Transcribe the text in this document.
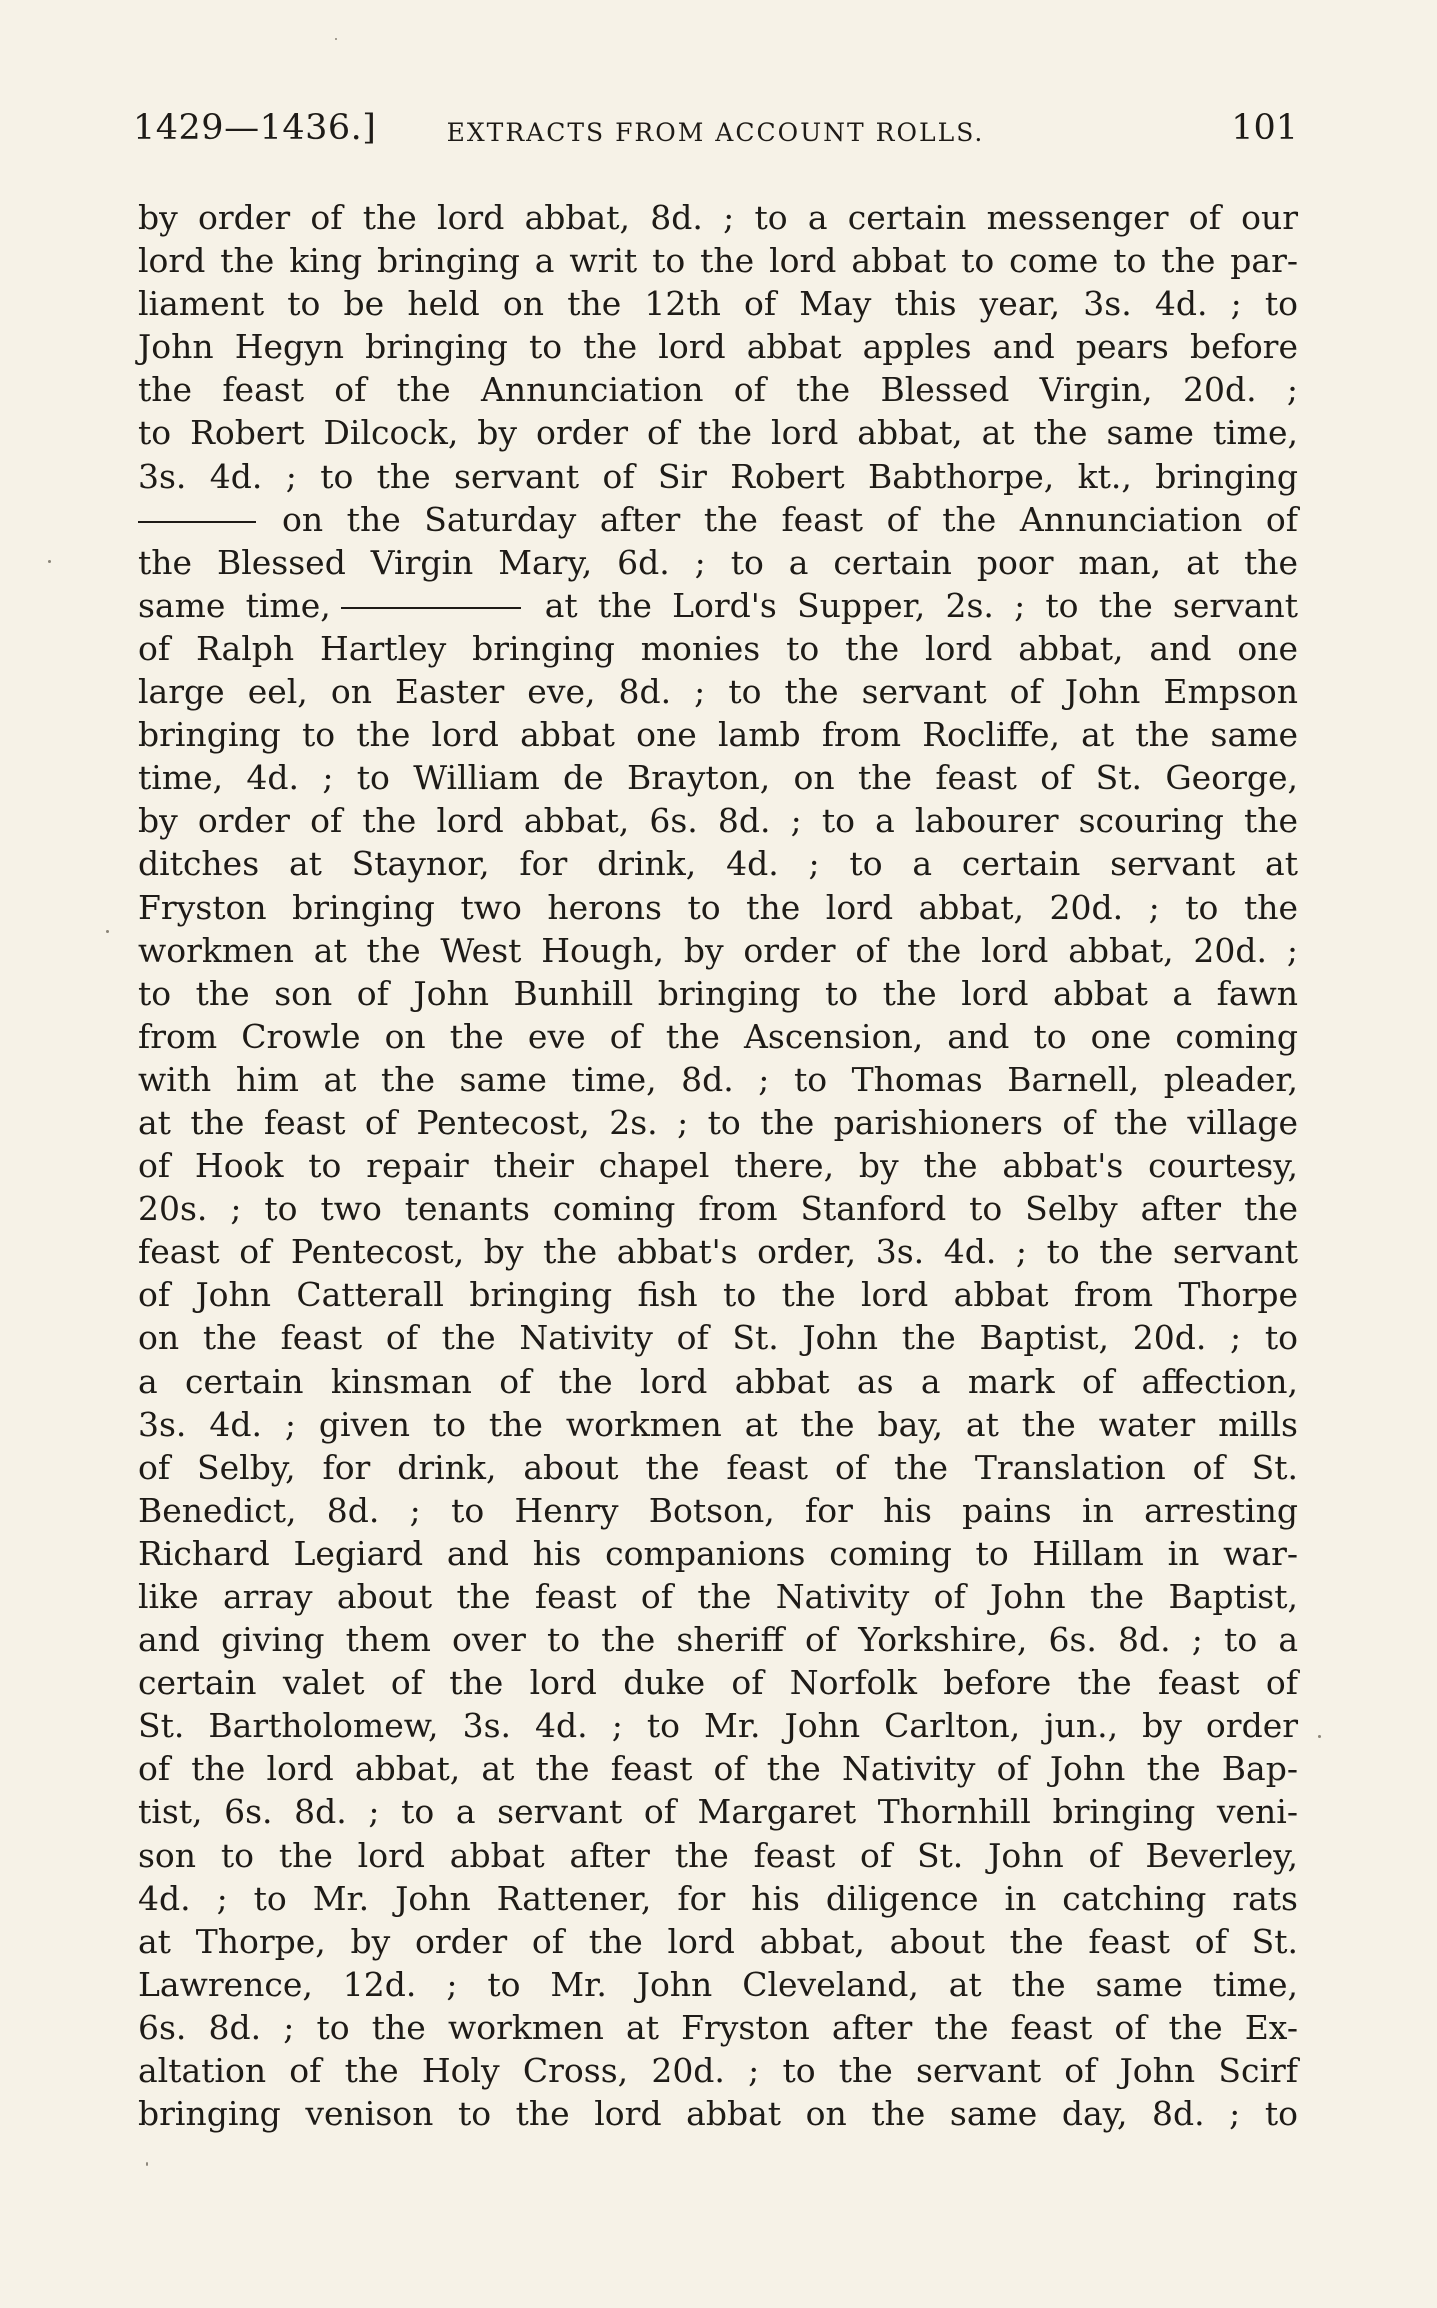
1429—1436.]	EXTRACTS FROM ACCOUNT ROLLS.	101
by order of the lord abbat, 8d. ; to a certain messenger of our
lord the king bringing a writ to the lord abbat to come to the par-
liament to be held on the 12th of May this year, 3s. 4d. ; to
John Hegyn bringing to the lord abbat apples and pears before
the feast of the Annunciation of the Blessed Virgin, 20d. ;
to Robert Dilcock, by order of the lord abbat, at the same time,
3s. 4d. ; to the servant of Sir Robert Babthorpe, kt., bringing
on the Saturday after the feast of the Annunciation of
the Blessed Virgin Mary, 6d. ; to a certain poor man, at the
same time,	at the Lord's Supper, 2s. ; to the servant
of Ralph Hartley bringing monies to the lord abbat, and one
large eel, on Easter eve, 8d. ; to the servant of John Empson
bringing to the lord abbat one lamb from Rocliffe, at the same
time, 4d. ; to William de Brayton, on the feast of St. George,
by order of the lord abbat, 6s. 8d. ; to a labourer scouring the
ditches at Staynor, for drink, 4d. ; to a certain servant at
Fryston bringing two herons to the lord abbat, 20d. ; to the
workmen at the West Hough, by order of the lord abbat, 20d. ;
to the son of John Bunhill bringing to the lord abbat a fawn
from Crowle on the eve of the Ascension, and to one coming
with him at the same time, 8d. ; to Thomas Barnell, pleader,
at the feast of Pentecost, 2s. ; to the parishioners of the village
of Hook to repair their chapel there, by the abbat's courtesy,
20s. ; to two tenants coming from Stanford to Selby after the
feast of Pentecost, by the abbat's order, 3s. 4d. ; to the servant
of John Catterall bringing fish to the lord abbat from Thorpe
on the feast of the Nativity of St. John the Baptist, 20d. ; to
a certain kinsman of the lord abbat as a mark of affection,
3s. 4d. ; given to the workmen at the bay, at the water mills
of Selby, for drink, about the feast of the Translation of St.
Benedict, 8d. ; to Henry Botson, for his pains in arresting
Richard Legiard and his companions coming to Hillam in war-
like array about the feast of the Nativity of John the Baptist,
and giving them over to the sheriff of Yorkshire, 6s. 8d. ; to a
certain valet of the lord duke of Norfolk before the feast of
St. Bartholomew, 3s. 4d. ; to Mr. John Carlton, jun., by order
of the lord abbat, at the feast of the Nativity of John the Bap-
tist, 6s. 8d. ; to a servant of Margaret Thornhill bringing veni-
son to the lord abbat after the feast of St. John of Beverley,
4d. ; to Mr. John Rattener, for his diligence in catching rats
at Thorpe, by order of the lord abbat, about the feast of St.
Lawrence, 12d. ; to Mr. John Cleveland, at the same time,
6s. 8d. ; to the workmen at Fryston after the feast of the Ex-
altation of the Holy Cross, 20d. ; to the servant of John Scirf
bringing venison to the lord abbat on the same day, 8d. ; to
